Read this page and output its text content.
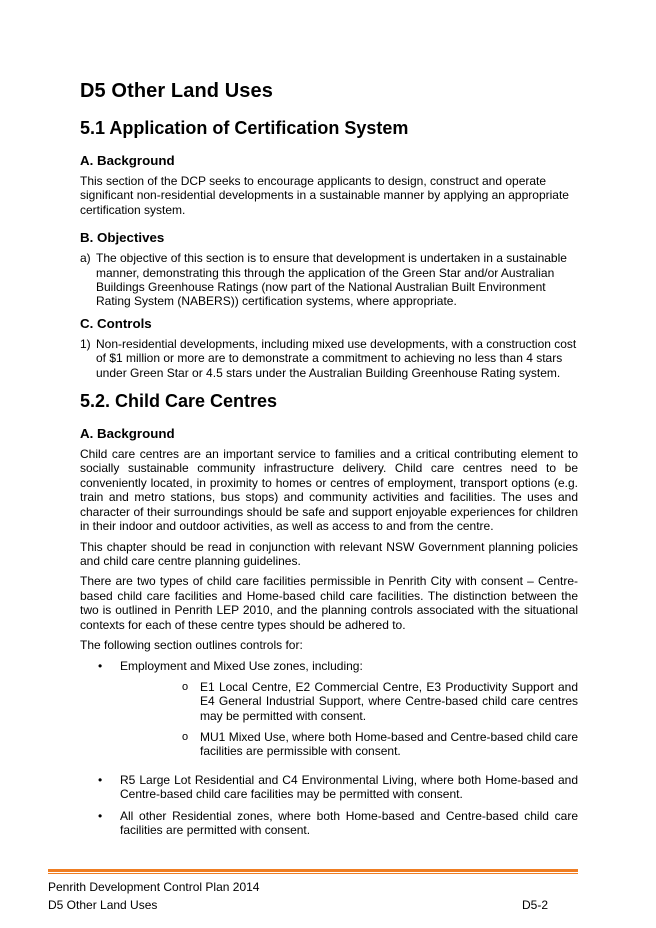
D5 Other Land Uses
5.1 Application of Certification System
A. Background

This section of the DCP seeks to encourage applicants to design, construct and operate significant non-residential developments in a sustainable manner by applying an appropriate certification system.

B. Objectives
a) The objective of this section is to ensure that development is undertaken in a sustainable manner, demonstrating this through the application of the Green Star and/or Australian Buildings Greenhouse Ratings (now part of the National Australian Built Environment Rating System (NABERS)) certification systems, where appropriate.
C. Controls
1) Non-residential developments, including mixed use developments, with a construction cost of $1 million or more are to demonstrate a commitment to achieving no less than 4 stars under Green Star or 4.5 stars under the Australian Building Greenhouse Rating system.
5.2. Child Care Centres
A. Background

Child care centres are an important service to families and a critical contributing element to socially sustainable community infrastructure delivery. Child care centres need to be conveniently located, in proximity to homes or centres of employment, transport options (e.g. train and metro stations, bus stops) and community activities and facilities. The uses and character of their surroundings should be safe and support enjoyable experiences for children in their indoor and outdoor activities, as well as access to and from the centre.

This chapter should be read in conjunction with relevant NSW Government planning policies and child care centre planning guidelines.

There are two types of child care facilities permissible in Penrith City with consent – Centre-based child care facilities and Home-based child care facilities. The distinction between the two is outlined in Penrith LEP 2010, and the planning controls associated with the situational contexts for each of these centre types should be adhered to.

The following section outlines controls for:

•	Employment and Mixed Use zones, including:
o E1 Local Centre, E2 Commercial Centre, E3 Productivity Support and E4 General Industrial Support, where Centre-based child care centres may be permitted with consent.
o MU1 Mixed Use, where both Home-based and Centre-based child care facilities are permissible with consent.
•	R5 Large Lot Residential and C4 Environmental Living, where both Home-based and Centre-based child care facilities may be permitted with consent.
•	All other Residential zones, where both Home-based and Centre-based child care facilities are permitted with consent.
Penrith Development Control Plan 2014
D5 Other Land Uses	D5-2
